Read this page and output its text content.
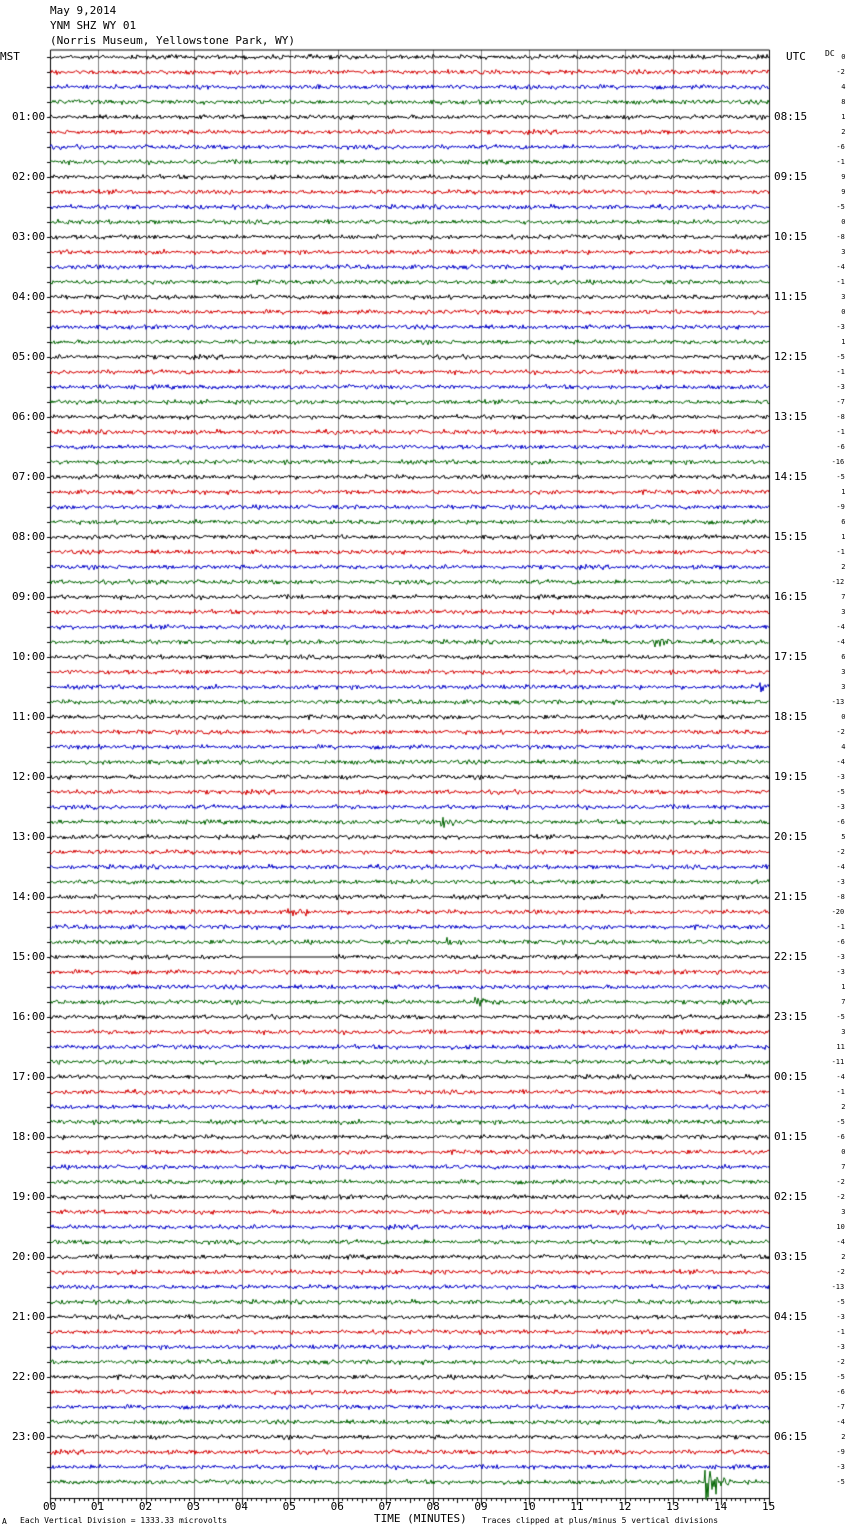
May 9,2014
YNM SHZ WY 01
(Norris Museum, Yellowstone Park, WY)
MST	UTC DC
01:00
02:00
03:00
04:00
05:00
06:00
07:00
08:00
09:00
10:00
11:00
12:00
13:00
14:00
15:00
16:00
17:00
18:00
19:00
20:00
21:00
22:00
23:00
08:15
09:15
10:15
11:15
12:15
13:15
14:15
15:15
16:15
17:15
18:15
19:15
20:15
21:15
22:15
23:15
00:15
01:15
02:15
03:15
04:15
05:15
06:15
0
-2
4
8
1
2
-6
-1
9
9
-5
0
-8
3
-4
-1
3
0
-3
1
-5
-1
-3
-7
-8
-1
-6
-16
-5
1
-9
6
1
-1
2
-12
7
3
-4
-4
6
3
3
-13
0
-2
4
-4
-3
-5
-3
-6
5
-2
-4
-3
-8
-20
-1
-6
-3
-3
1
7
-5
3
11
-11
-4
-1
2
-5
-6
0
7
-2
-2
3
10
-4
2
-2
-13
-5
-3
-1
-3
-2
-5
-6
-7
-4
2
-9
-3
-5
00	01	02	03	04	05	06	07	08	09	10	11	12	13	14	15
A Each Vertical Division = 1333.33 microvolts	TIME (MINUTES) Traces clipped at plus/minus 5 vertical divisions
